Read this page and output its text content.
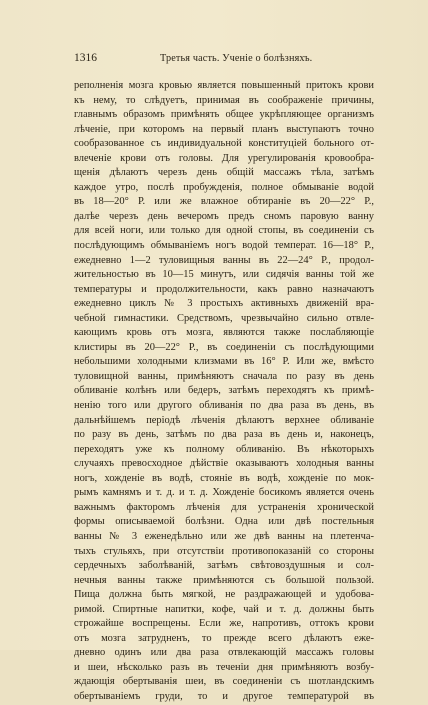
1316	Третья часть. Ученiе о болѣзняхъ.
реполненія мозга кровью является повышенный притокъ крови
къ нему, то слѣдуетъ, принимая въ соображеніе причины,
главнымъ образомъ примѣнять общее укрѣпляющее организмъ
лѣченіе, при которомъ на первый планъ выступаютъ точно
сообразованное съ индивидуальной конституціей больного от-
влеченіе крови отъ головы. Для урегулированія кровообра-
щенія дѣлаютъ черезъ день общій массажъ тѣла, затѣмъ
каждое утро, послѣ пробужденія, полное обмываніе водой
въ 18—20° Р. или же влажное обтираніе въ 20—22° Р.,
далѣе черезъ день вечеромъ предъ сномъ паровую ванну
для всей ноги, или только для одной стопы, въ соединеніи съ
послѣдующимъ обмываніемъ ногъ водой температ. 16—18° Р.,
ежедневно 1—2 туловищныя ванны въ 22—24° Р., продол-
жительностью въ 10—15 минутъ, или сидячія ванны той же
температуры и продолжительности, какъ равно назначаютъ
ежедневно циклъ № 3 простыхъ активныхъ движеній вра-
чебной гимнастики. Средствомъ, чрезвычайно сильно отвле-
кающимъ кровь отъ мозга, являются также послабляющіе
клистиры въ 20—22° Р., въ соединеніи съ послѣдующими
небольшими холодными клизмами въ 16° Р. Или же, вмѣсто
туловищной ванны, примѣняютъ сначала по разу въ день
обливаніе колѣнъ или бедеръ, затѣмъ переходятъ къ примѣ-
ненію того или другого обливанія по два раза въ день, въ
дальнѣйшемъ періодѣ лѣченія дѣлаютъ верхнее обливаніе
по разу въ день, затѣмъ по два раза въ день и, наконецъ,
переходятъ уже къ полному обливанію. Въ нѣкоторыхъ
случаяхъ превосходное дѣйствіе оказываютъ холодныя ванны
ногъ, хожденіе въ водѣ, стояніе въ водѣ, хожденіе по мок-
рымъ камнямъ и т. д. и т. д. Хожденіе босикомъ является очень
важнымъ факторомъ лѣченія для устраненія хронической
формы описываемой болѣзни. Одна или двѣ постельныя
ванны № 3 еженедѣльно или же двѣ ванны на плетенча-
тыхъ стульяхъ, при отсутствіи противопоказаній со стороны
сердечныхъ заболѣваній, затѣмъ свѣтовоздушныя и сол-
нечныя ванны также примѣняются съ большой пользой.
Пища должна быть мягкой, не раздражающей и удобова-
римой. Спиртные напитки, кофе, чай и т. д. должны быть
строжайше воспрещены. Если же, напротивъ, оттокъ крови
отъ мозга затрудненъ, то прежде всего дѣлаютъ еже-
дневно одинъ или два раза отвлекающій массажъ головы
и шеи, нѣсколько разъ въ теченіи дня примѣняютъ возбу-
ждающія обертыванія шеи, въ соединеніи съ шотландскимъ
обертываніемъ груди, то и другое температурой въ
